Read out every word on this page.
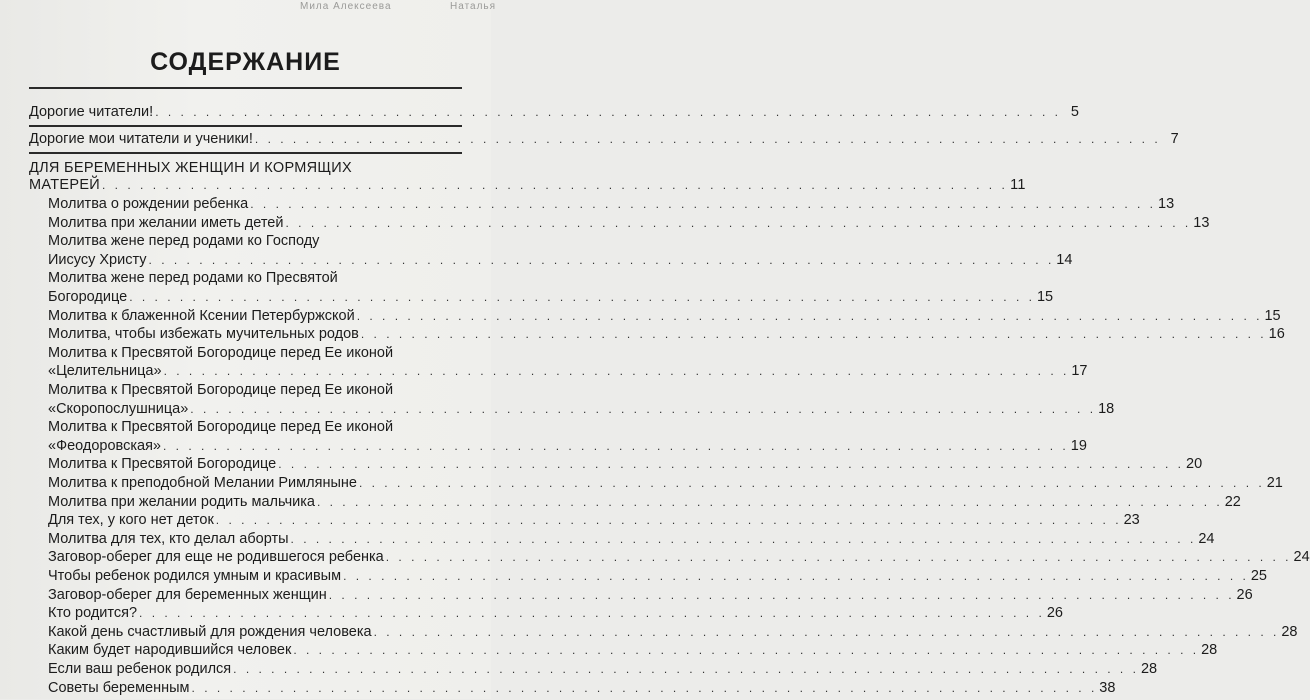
Мила Алексеева	Наталья
СОДЕРЖАНИЕ
Дорогие читатели! . . .	5
Дорогие мои читатели и ученики! . . .	7
ДЛЯ БЕРЕМЕННЫХ ЖЕНЩИН И КОРМЯЩИХ
МАТЕРЕЙ . . .	11
Молитва о рождении ребенка . . .	13
Молитва при желании иметь детей . . .	13
Молитва жене перед родами ко Господу
Иисусу Христу . . .	14
Молитва жене перед родами ко Пресвятой
Богородице . . .	15
Молитва к блаженной Ксении Петербуржской . . .	15
Молитва, чтобы избежать мучительных родов . . .	16
Молитва к Пресвятой Богородице перед Ее иконой
«Целительница» . . .	17
Молитва к Пресвятой Богородице перед Ее иконой
«Скоропослушница» . . .	18
Молитва к Пресвятой Богородице перед Ее иконой
«Феодоровская» . . .	19
Молитва к Пресвятой Богородице . . .	20
Молитва к преподобной Мелании Римляныне . . .	21
Молитва при желании родить мальчика . . .	22
Для тех, у кого нет деток . . .	23
Молитва для тех, кто делал аборты . . .	24
Заговор-оберег для еще не родившегося ребенка . . .	24
Чтобы ребенок родился умным и красивым . . .	25
Заговор-оберег для беременных женщин . . .	26
Кто родится? . . .	26
Какой день счастливый для рождения человека . . .	28
Каким будет народившийся человек . . .	28
Если ваш ребенок родился . . .	28
Советы беременным . . .	38
